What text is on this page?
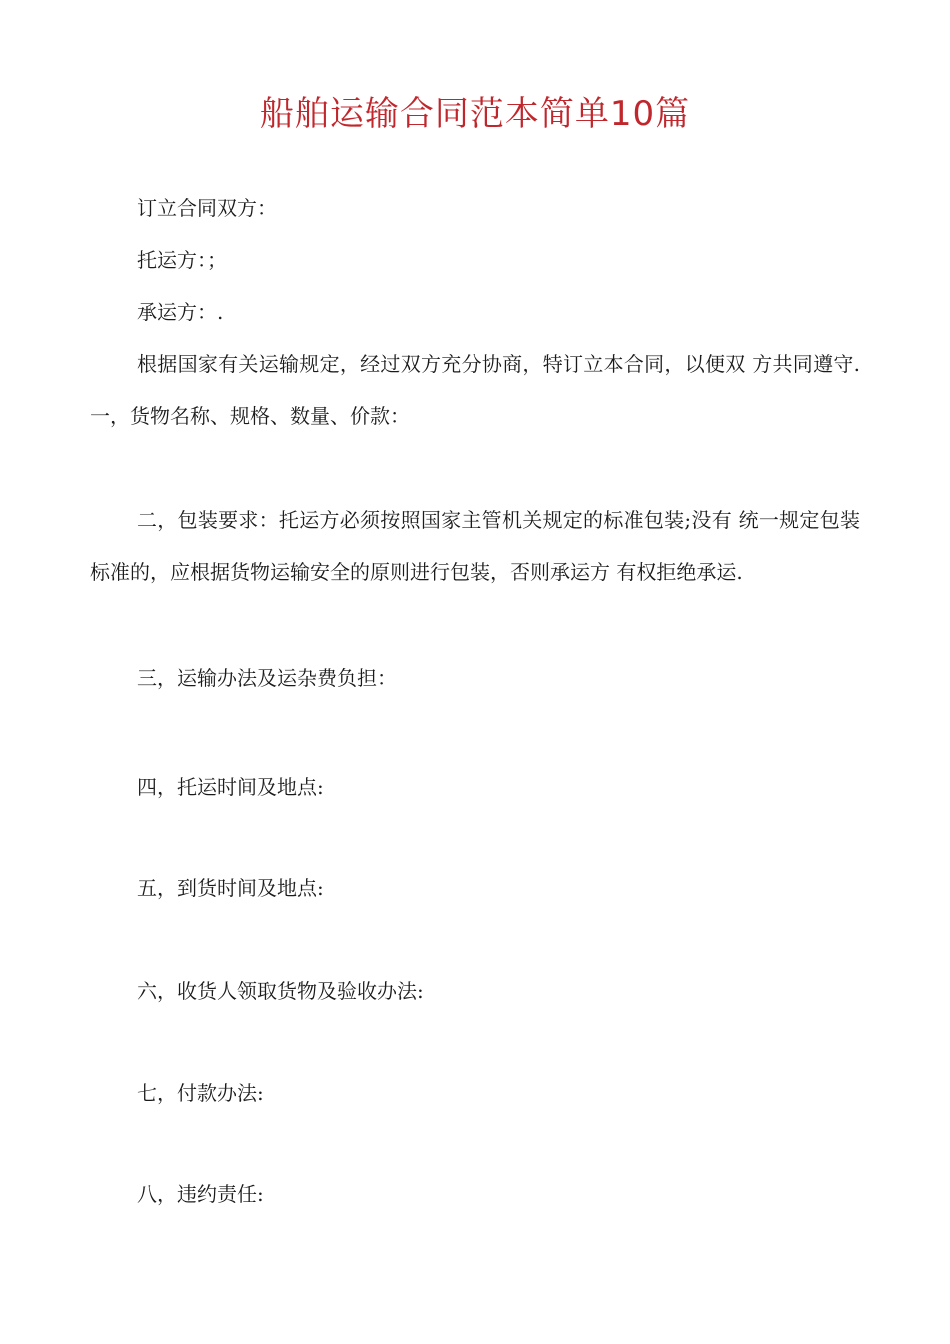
船舶运输合同范本简单10篇

订立合同双方：

托运方：；

承运方：.

根据国家有关运输规定，经过双方充分协商，特订立本合同，以便双 方共同遵守.一，货物名称、规格、数量、价款：

二，包装要求：托运方必须按照国家主管机关规定的标准包装;没有 统一规定包装标准的，应根据货物运输安全的原则进行包装，否则承运方 有权拒绝承运.

三，运输办法及运杂费负担：

四，托运时间及地点:

五，到货时间及地点:

六，收货人领取货物及验收办法:

七，付款办法:

八，违约责任:
